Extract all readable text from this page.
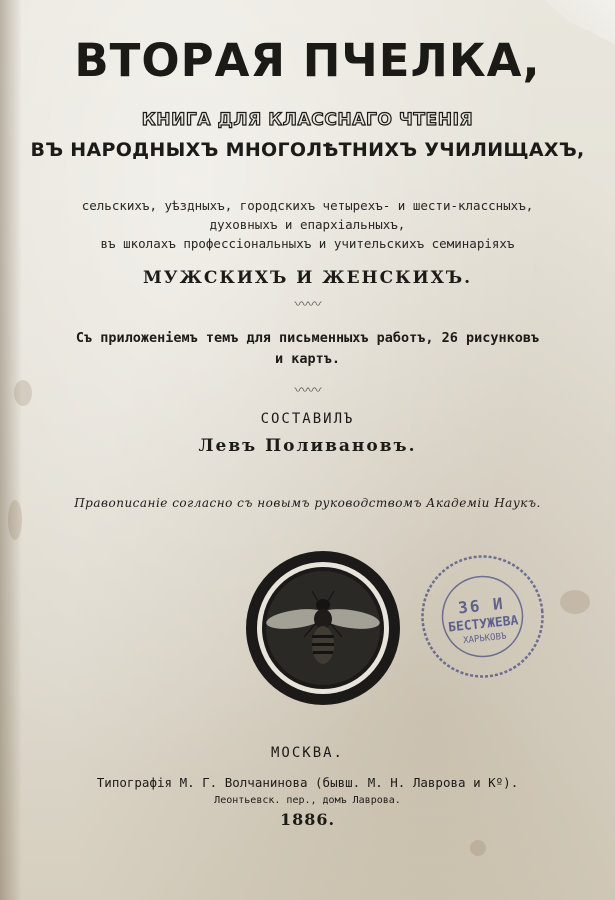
ВТОРАЯ ПЧЕЛКА,
КНИГА ДЛЯ КЛАССНАГО ЧТЕНІЯ
ВЪ НАРОДНЫХЪ МНОГОЛѢТНИХЪ УЧИЛИЩАХЪ,
сельскихъ, уѣздныхъ, городскихъ четырехъ- и шести-классныхъ,
духовныхъ и епархіальныхъ,
въ школахъ профессіональныхъ и учительскихъ семинаріяхъ
МУЖСКИХЪ И ЖЕНСКИХЪ.
〰〰
Съ приложеніемъ темъ для письменныхъ работъ, 26 рисунковъ
и картъ.
〰〰
СОСТАВИЛЪ
Левъ Поливановъ.
Правописаніе согласно съ новымъ руководствомъ Академіи Наукъ.
36 И
БЕСТУЖЕВА
ХАРЬКОВЪ
МОСКВА.
Типографія М. Г. Волчанинова (бывш. М. Н. Лаврова и Кº).
Леонтьевск. пер., домъ Лаврова.
1886.
